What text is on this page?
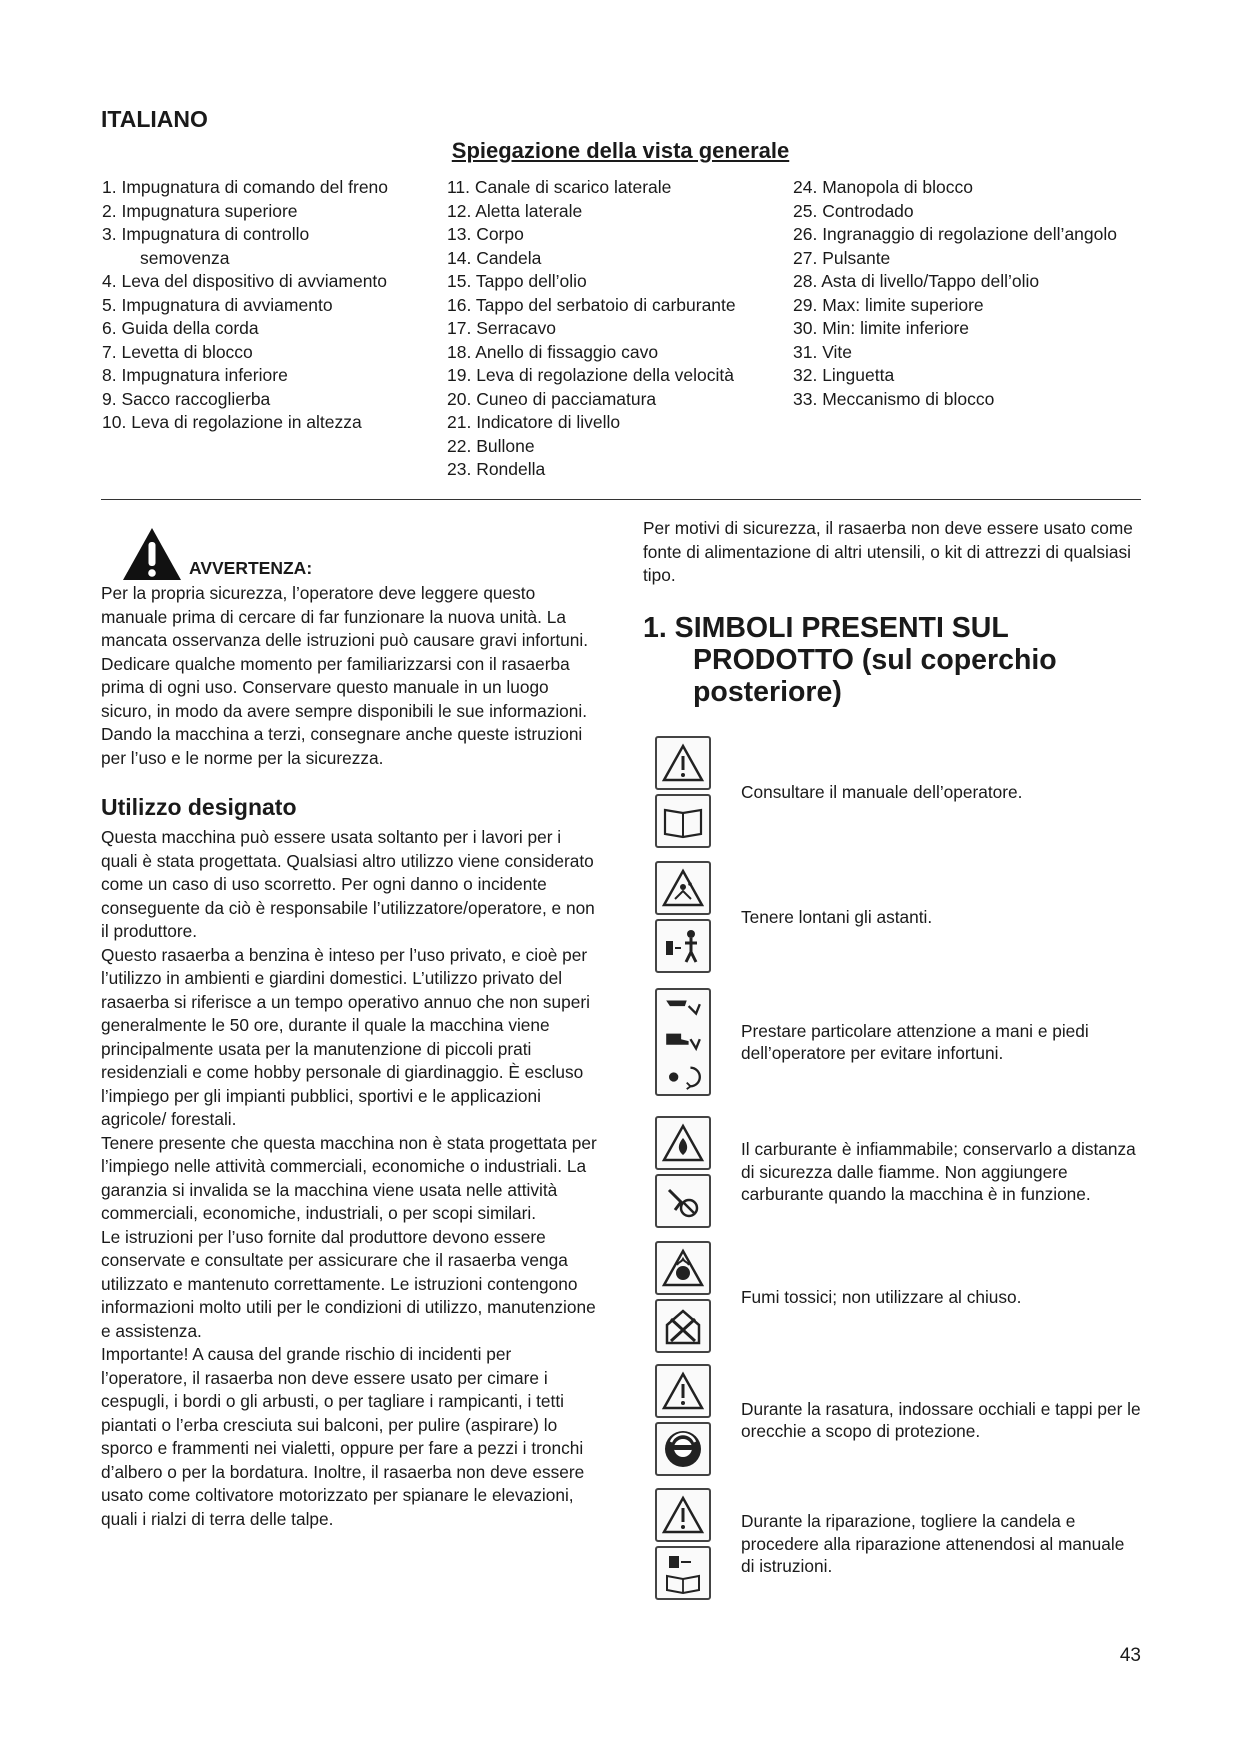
ITALIANO
Spiegazione della vista generale
1. Impugnatura di comando del freno
2. Impugnatura superiore
3. Impugnatura di controllo semovenza
4. Leva del dispositivo di avviamento
5. Impugnatura di avviamento
6. Guida della corda
7. Levetta di blocco
8. Impugnatura inferiore
9. Sacco raccoglierba
10. Leva di regolazione in altezza
11. Canale di scarico laterale
12. Aletta laterale
13. Corpo
14. Candela
15. Tappo dell’olio
16. Tappo del serbatoio di carburante
17. Serracavo
18. Anello di fissaggio cavo
19. Leva di regolazione della velocità
20. Cuneo di pacciamatura
21. Indicatore di livello
22. Bullone
23. Rondella
24. Manopola di blocco
25. Controdado
26. Ingranaggio di regolazione dell’angolo
27. Pulsante
28. Asta di livello/Tappo dell’olio
29. Max: limite superiore
30. Min: limite inferiore
31. Vite
32. Linguetta
33. Meccanismo di blocco
AVVERTENZA:

Per la propria sicurezza, l’operatore deve leggere questo manuale prima di cercare di far funzionare la nuova unità. La mancata osservanza delle istruzioni può causare gravi infortuni. Dedicare qualche momento per familiarizzarsi con il rasaerba prima di ogni uso. Conservare questo manuale in un luogo sicuro, in modo da avere sempre disponibili le sue informazioni. Dando la macchina a terzi, consegnare anche queste istruzioni per l’uso e le norme per la sicurezza.

Utilizzo designato

Questa macchina può essere usata soltanto per i lavori per i quali è stata progettata. Qualsiasi altro utilizzo viene considerato come un caso di uso scorretto. Per ogni danno o incidente conseguente da ciò è responsabile l’utilizzatore/operatore, e non il produttore.

Questo rasaerba a benzina è inteso per l’uso privato, e cioè per l’utilizzo in ambienti e giardini domestici. L’utilizzo privato del rasaerba si riferisce a un tempo operativo annuo che non superi generalmente le 50 ore, durante il quale la macchina viene principalmente usata per la manutenzione di piccoli prati residenziali e come hobby personale di giardinaggio. È escluso l’impiego per gli impianti pubblici, sportivi e le applicazioni agricole/ forestali.

Tenere presente che questa macchina non è stata progettata per l’impiego nelle attività commerciali, economiche o industriali. La garanzia si invalida se la macchina viene usata nelle attività commerciali, economiche, industriali, o per scopi similari.

Le istruzioni per l’uso fornite dal produttore devono essere conservate e consultate per assicurare che il rasaerba venga utilizzato e mantenuto correttamente. Le istruzioni contengono informazioni molto utili per le condizioni di utilizzo, manutenzione e assistenza.

Importante! A causa del grande rischio di incidenti per l’operatore, il rasaerba non deve essere usato per cimare i cespugli, i bordi o gli arbusti, o per tagliare i rampicanti, i tetti piantati o l’erba cresciuta sui balconi, per pulire (aspirare) lo sporco e frammenti nei vialetti, oppure per fare a pezzi i tronchi d’albero o per la bordatura. Inoltre, il rasaerba non deve essere usato come coltivatore motorizzato per spianare le elevazioni, quali i rialzi di terra delle talpe.

Per motivi di sicurezza, il rasaerba non deve essere usato come fonte di alimentazione di altri utensili, o kit di attrezzi di qualsiasi tipo.

1. SIMBOLI PRESENTI SUL
PRODOTTO (sul coperchio
posteriore)
Consultare il manuale dell’operatore.
Tenere lontani gli astanti.
Prestare particolare attenzione a mani e piedi dell’operatore per evitare infortuni.
Il carburante è infiammabile; conservarlo a distanza di sicurezza dalle fiamme. Non aggiungere carburante quando la macchina è in funzione.
Fumi tossici; non utilizzare al chiuso.
Durante la rasatura, indossare occhiali e tappi per le orecchie a scopo di protezione.
Durante la riparazione, togliere la candela e procedere alla riparazione attenendosi al manuale di istruzioni.
43
